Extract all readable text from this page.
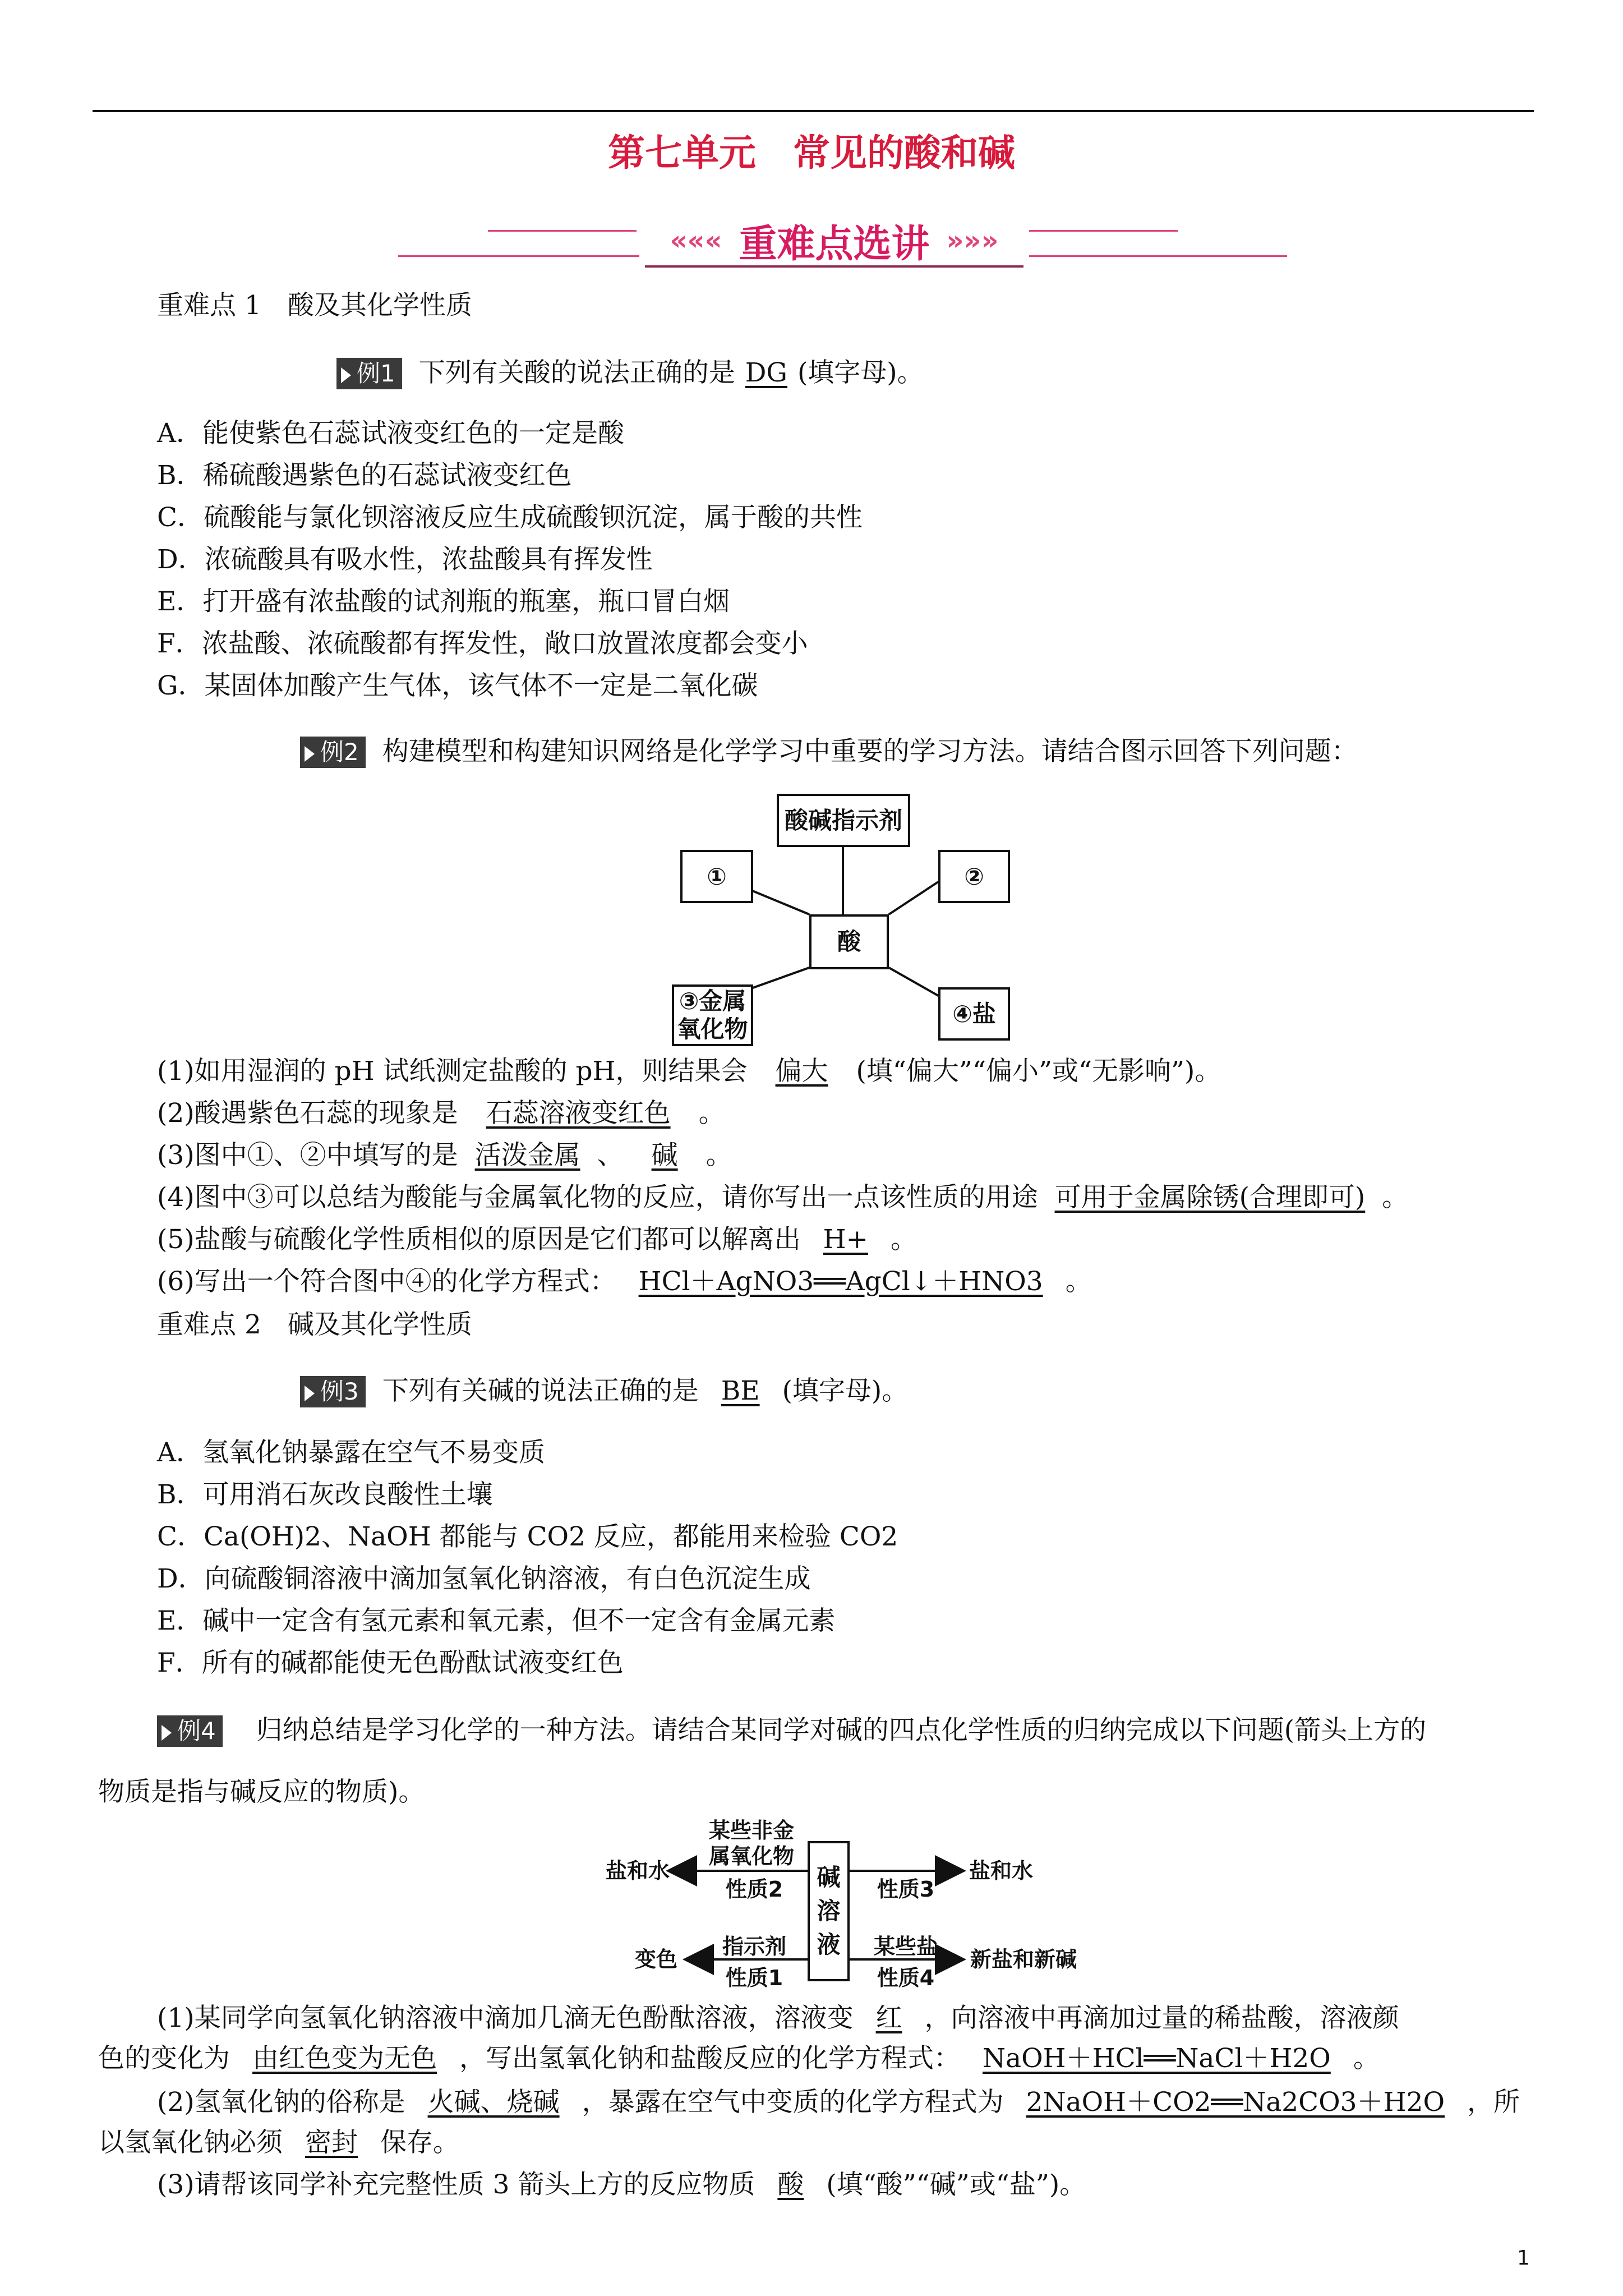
第七单元　常见的酸和碱
««« 重难点选讲 »»»
重难点 1　酸及其化学性质
例1 下列有关酸的说法正确的是 DG (填字母)。
A．能使紫色石蕊试液变红色的一定是酸
B．稀硫酸遇紫色的石蕊试液变红色
C．硫酸能与氯化钡溶液反应生成硫酸钡沉淀，属于酸的共性
D．浓硫酸具有吸水性，浓盐酸具有挥发性
E．打开盛有浓盐酸的试剂瓶的瓶塞，瓶口冒白烟
F．浓盐酸、浓硫酸都有挥发性，敞口放置浓度都会变小
G．某固体加酸产生气体，该气体不一定是二氧化碳
例2 构建模型和构建知识网络是化学学习中重要的学习方法。请结合图示回答下列问题：
酸碱指示剂
①	②
酸
③金属
氧化物
④盐
(1)如用湿润的 pH 试纸测定盐酸的 pH，则结果会 偏大 (填“偏大”“偏小”或“无影响”)。
(2)酸遇紫色石蕊的现象是 石蕊溶液变红色 。
(3)图中①、②中填写的是 活泼金属 、 碱 。
(4)图中③可以总结为酸能与金属氧化物的反应，请你写出一点该性质的用途 可用于金属除锈(合理即可) 。
(5)盐酸与硫酸化学性质相似的原因是它们都可以解离出 H+ 。
(6)写出一个符合图中④的化学方程式： HCl＋AgNO3══AgCl↓＋HNO3 。
重难点 2　碱及其化学性质
例3 下列有关碱的说法正确的是 BE (填字母)。
A．氢氧化钠暴露在空气不易变质
B．可用消石灰改良酸性土壤
C．Ca(OH)2、NaOH 都能与 CO2 反应，都能用来检验 CO2
D．向硫酸铜溶液中滴加氢氧化钠溶液，有白色沉淀生成
E．碱中一定含有氢元素和氧元素，但不一定含有金属元素
F．所有的碱都能使无色酚酞试液变红色
例4 归纳总结是学习化学的一种方法。请结合某同学对碱的四点化学性质的归纳完成以下问题(箭头上方的
物质是指与碱反应的物质)。
碱
溶
液
某些非金
属氧化物
性质2
盐和水
性质3
盐和水
指示剂
性质1
变色
某些盐
性质4
新盐和新碱
(1)某同学向氢氧化钠溶液中滴加几滴无色酚酞溶液，溶液变 红 ，向溶液中再滴加过量的稀盐酸，溶液颜
色的变化为 由红色变为无色 ，写出氢氧化钠和盐酸反应的化学方程式： NaOH＋HCl══NaCl＋H2O 。
(2)氢氧化钠的俗称是 火碱、烧碱 ，暴露在空气中变质的化学方程式为 2NaOH＋CO2══Na2CO3＋H2O ，所
以氢氧化钠必须 密封 保存。
(3)请帮该同学补充完整性质 3 箭头上方的反应物质 酸 (填“酸”“碱”或“盐”)。
1
